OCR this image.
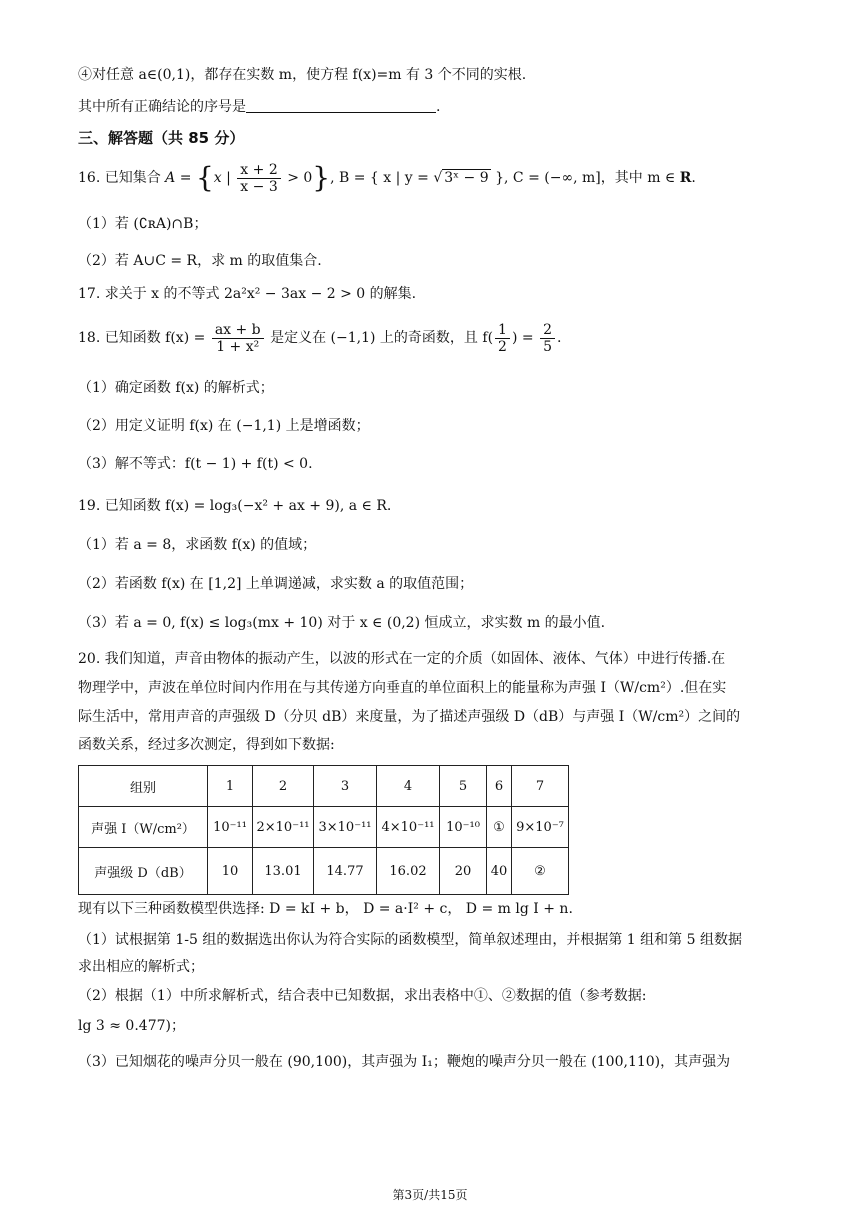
④对任意 a∈(0,1)，都存在实数 m，使方程 f(x)=m 有 3 个不同的实根.
其中所有正确结论的序号是	.
三、解答题（共 85 分）
16. 已知集合 A = {x | $\frac{x + 2}{x - 3} > 0$}, B = { x | y = √ 3ˣ − 9 }, C = (−∞, m]，其中 m ∈ R.
（1）若 (∁ʀA)∩B；
（2）若 A∪C = R，求 m 的取值集合.
17. 求关于 x 的不等式 2a²x² − 3ax − 2 > 0 的解集.
18. 已知函数 $f(x) = \frac{ax + b}{\text{1 + x²}}$ 是定义在 (−1,1) 上的奇函数，且 $f( \frac{1}{2}$ ) = $\frac{2}{5}$ .
（1）确定函数 f(x) 的解析式；
（2）用定义证明 f(x) 在 (−1,1) 上是增函数；
（3）解不等式：f(t − 1) + f(t) < 0.
19. 已知函数 f(x) = log₃(−x² + ax + 9), a ∈ R.
（1）若 a = 8，求函数 f(x) 的值域；
（2）若函数 f(x) 在 [1,2] 上单调递减，求实数 a 的取值范围；
（3）若 a = 0, f(x) ≤ log₃(mx + 10) 对于 x ∈ (0,2) 恒成立，求实数 m 的最小值.
20. 我们知道，声音由物体的振动产生，以波的形式在一定的介质（如固体、液体、气体）中进行传播.在
物理学中，声波在单位时间内作用在与其传递方向垂直的单位面积上的能量称为声强 I（W/cm²）.但在实
际生活中，常用声音的声强级 D（分贝 dB）来度量，为了描述声强级 D（dB）与声强 I（W/cm²）之间的
函数关系，经过多次测定，得到如下数据:
组别	1	2	3	4	5	6	7
声强 I（W/cm²）	10⁻¹¹	2×10⁻¹¹	3×10⁻¹¹	4×10⁻¹¹	10⁻¹⁰	①	9×10⁻⁷
声强级 D（dB）	10	13.01	14.77	16.02	20	40	②
现有以下三种函数模型供选择: D = kI + b， D = a·I² + c， D = m lg I + n.
（1）试根据第 1-5 组的数据选出你认为符合实际的函数模型，简单叙述理由，并根据第 1 组和第 5 组数据
求出相应的解析式；
（2）根据（1）中所求解析式，结合表中已知数据，求出表格中①、②数据的值（参考数据:
lg 3 ≈ 0.477)；
（3）已知烟花的噪声分贝一般在 (90,100)，其声强为 I₁；鞭炮的噪声分贝一般在 (100,110)，其声强为
第3页/共15页
